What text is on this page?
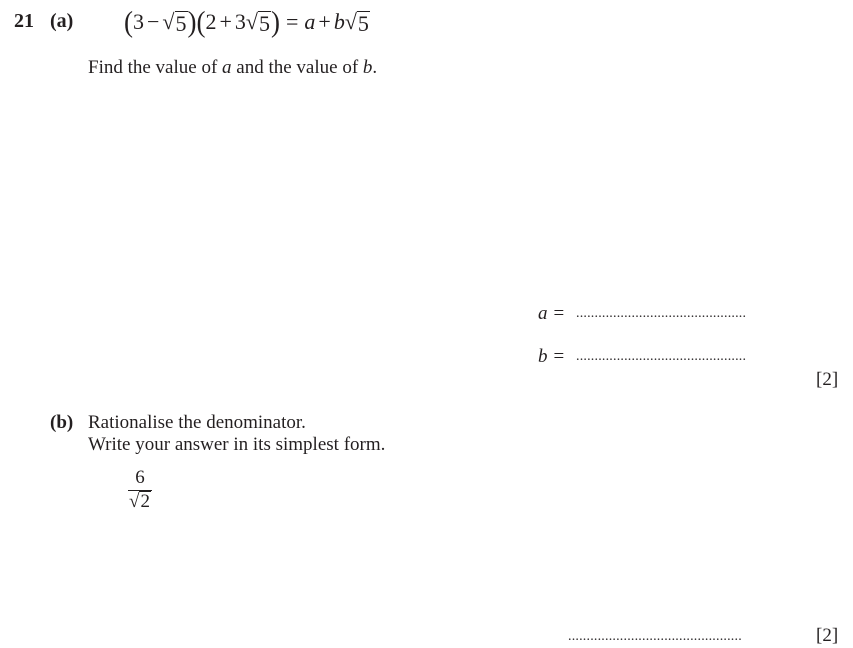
21 (a) ( 3 − √ 5 ) ( 2 + 3 √ 5 ) = a + b √ 5
Find the value of a and the value of b.
a = ..............................................
b = ..............................................
[2]
(b) Rationalise the denominator.
Write your answer in its simplest form.
6
√ 2
...............................................	[2]
